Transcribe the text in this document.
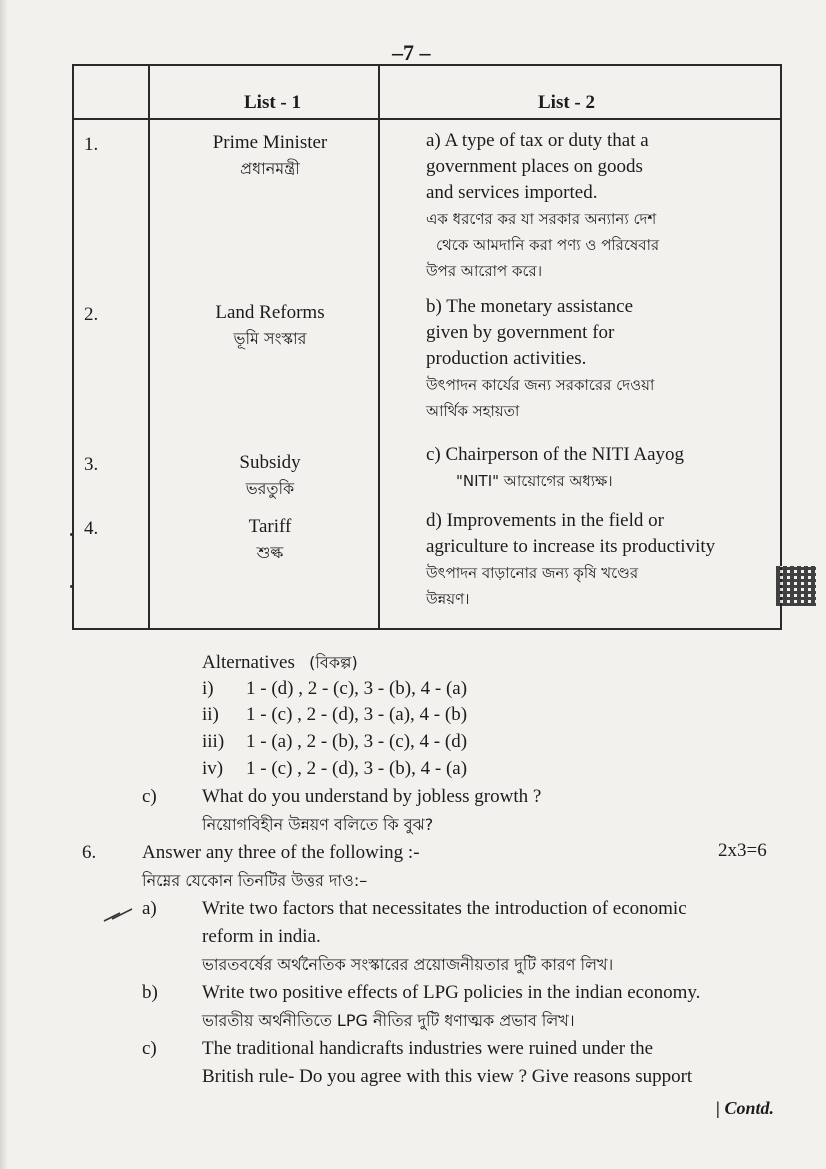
–7 –
List - 1	List - 2
1.	Prime Minister
প্রধানমন্ত্রী
a) A type of tax or duty that a
government places on goods
and services imported.
এক ধরণের কর যা সরকার অন্যান্য দেশ
থেকে আমদানি করা পণ্য ও পরিষেবার
উপর আরোপ করে।
2.	Land Reforms
ভূমি সংস্কার
b) The monetary assistance
given by government for
production activities.
উৎপাদন কার্যের জন্য সরকারের দেওয়া
আর্থিক সহায়তা
3.	Subsidy
ভরতুকি
c) Chairperson of the NITI Aayog
"NITI" আয়োগের অধ্যক্ষ।
4.	Tariff
শুল্ক
d) Improvements in the field or
agriculture to increase its productivity
উৎপাদন বাড়ানোর জন্য কৃষি খণ্ডের
উন্নয়ণ।
Alternatives (বিকল্প)
i) 1 - (d) , 2 - (c), 3 - (b), 4 - (a)
ii) 1 - (c) , 2 - (d), 3 - (a), 4 - (b)
iii) 1 - (a) , 2 - (b), 3 - (c), 4 - (d)
iv) 1 - (c) , 2 - (d), 3 - (b), 4 - (a)
c) What do you understand by jobless growth ?
নিয়োগবিহীন উন্নয়ণ বলিতে কি বুঝ?
6. Answer any three of the following :-	2x3=6
নিম্নের যেকোন তিনটির উত্তর দাও:–
a) Write two factors that necessitates the introduction of economic
reform in india.
ভারতবর্ষের অর্থনৈতিক সংস্কারের প্রয়োজনীয়তার দুটি কারণ লিখ।
b) Write two positive effects of LPG policies in the indian economy.
ভারতীয় অর্থনীতিতে LPG নীতির দুটি ধণাত্মক প্রভাব লিখ।
c) The traditional handicrafts industries were ruined under the
British rule- Do you agree with this view ? Give reasons support
| Contd.
